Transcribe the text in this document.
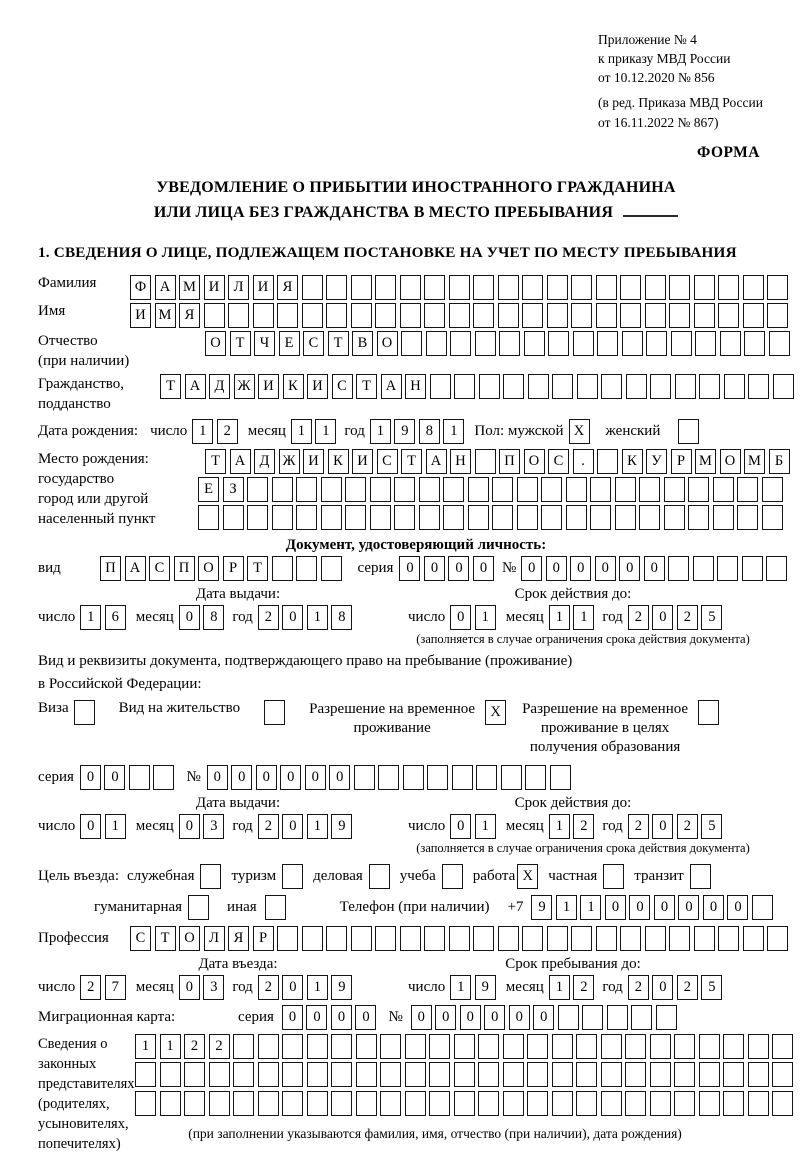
Приложение № 4
к приказу МВД России
от 10.12.2020 № 856
(в ред. Приказа МВД России
от 16.11.2022 № 867)
ФОРМА
УВЕДОМЛЕНИЕ О ПРИБЫТИИ ИНОСТРАННОГО ГРАЖДАНИНА
ИЛИ ЛИЦА БЕЗ ГРАЖДАНСТВА В МЕСТО ПРЕБЫВАНИЯ
1. СВЕДЕНИЯ О ЛИЦЕ, ПОДЛЕЖАЩЕМ ПОСТАНОВКЕ НА УЧЕТ ПО МЕСТУ ПРЕБЫВАНИЯ
Фамилия	Ф А М И Л И Я
Имя	И М Я
Отчество
(при наличии)
О	Т	Ч	Е	С	Т	В О
Гражданство,
подданство
Т	А Д Ж И К И С	Т	А Н
Дата рождения: число 1	2	месяц 1	1 год 1	9	8	1	Пол: мужской X	женский
Место рождения:
государство
город или другой
населенный пункт
Т	А Д Ж И К И С	Т	А Н	П О С	.	К	У	Р М О М Б
Е	З
Документ, удостоверяющий личность:
вид	П А С П О	Р	Т	серия 0	0	0	0 № 0	0	0	0	0	0
Дата выдачи:
число 1	6	месяц 0	8 год 2	0	1	8
Срок действия до:
число 0	1	месяц 1	1 год 2	0	2	5
(заполняется в случае ограничения срока действия документа)
Вид и реквизиты документа, подтверждающего право на пребывание (проживание)
в Российской Федерации:
Виза	Вид на жительство	Разрешение на временное
проживание
X	Разрешение на временное
проживание в целях
получения образования
серия 0	0	№ 0	0	0	0	0	0
Дата выдачи:
число 0	1	месяц 0	3 год 2	0	1	9
Срок действия до:
число 0	1	месяц 1	2 год 2	0	2	5
(заполняется в случае ограничения срока действия документа)
Цель въезда: служебная туризм деловая учеба работа X	частная транзит
гуманитарная	иная	Телефон (при наличии) +7	9	1	1	0	0	0	0	0	0
Профессия	С	Т	О Л	Я	Р
Дата въезда:
число 2	7	месяц 0	3 год 2	0	1	9
Срок пребывания до:
число 1	9	месяц 1	2 год 2	0	2	5
Миграционная карта:	серия	0	0	0	0	№	0	0	0	0	0	0
Сведения о
законных
представителях
(родителях,
усыновителях,
попечителях)
1	1	2	2
(при заполнении указываются фамилия, имя, отчество (при наличии), дата рождения)
